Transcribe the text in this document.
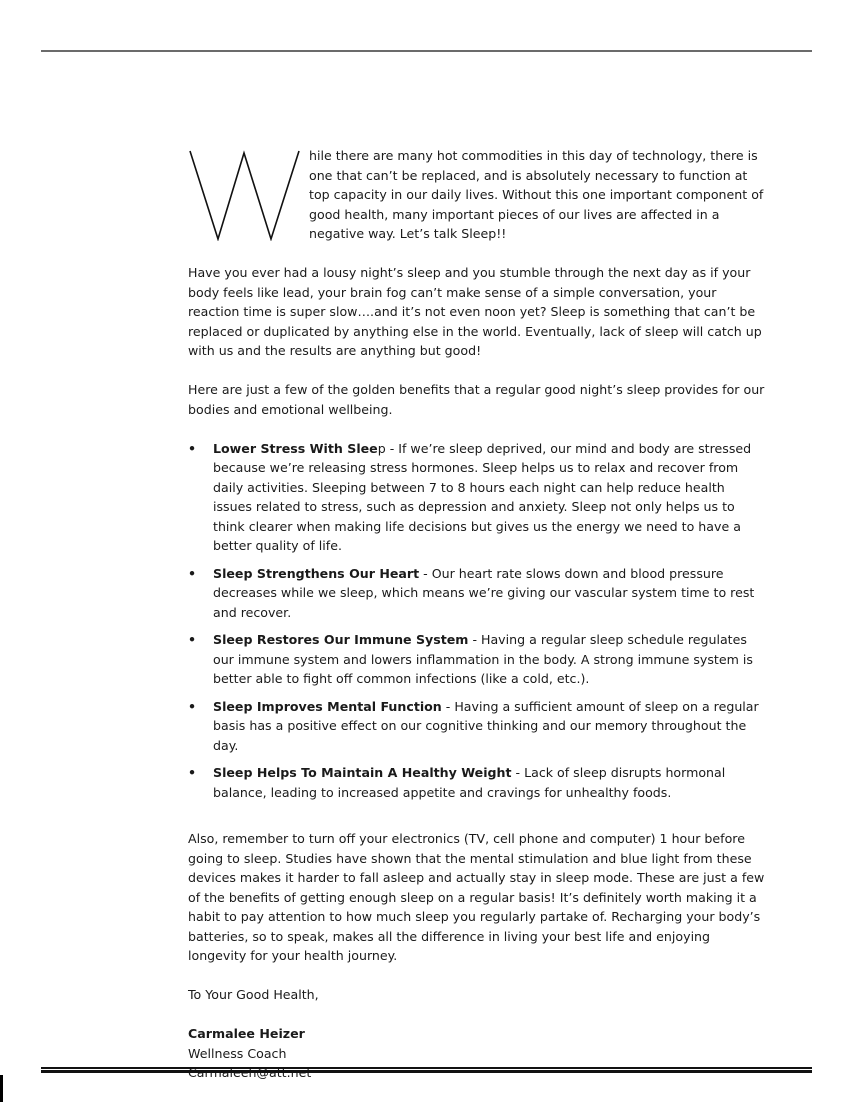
hile there are many hot commodities in this day of technology, there is one that can’t be replaced, and is absolutely necessary to function at top capacity in our daily lives. Without this one important component of good health, many important pieces of our lives are affected in a negative way. Let’s talk Sleep!!

Have you ever had a lousy night’s sleep and you stumble through the next day as if your body feels like lead, your brain fog can’t make sense of a simple conversation, your reaction time is super slow….and it’s not even noon yet? Sleep is something that can’t be replaced or duplicated by anything else in the world. Eventually, lack of sleep will catch up with us and the results are anything but good!

Here are just a few of the golden benefits that a regular good night’s sleep provides for our bodies and emotional wellbeing.

• Lower Stress With Sleep - If we’re sleep deprived, our mind and body are stressed because we’re releasing stress hormones. Sleep helps us to relax and recover from daily activities. Sleeping between 7 to 8 hours each night can help reduce health issues related to stress, such as depression and anxiety. Sleep not only helps us to think clearer when making life decisions but gives us the energy we need to have a better quality of life.
• Sleep Strengthens Our Heart - Our heart rate slows down and blood pressure decreases while we sleep, which means we’re giving our vascular system time to rest and recover.
• Sleep Restores Our Immune System - Having a regular sleep schedule regulates our immune system and lowers inflammation in the body. A strong immune system is better able to fight off common infections (like a cold, etc.).
• Sleep Improves Mental Function - Having a sufficient amount of sleep on a regular basis has a positive effect on our cognitive thinking and our memory throughout the day.
• Sleep Helps To Maintain A Healthy Weight - Lack of sleep disrupts hormonal balance, leading to increased appetite and cravings for unhealthy foods.

Also, remember to turn off your electronics (TV, cell phone and computer) 1 hour before going to sleep. Studies have shown that the mental stimulation and blue light from these devices makes it harder to fall asleep and actually stay in sleep mode. These are just a few of the benefits of getting enough sleep on a regular basis! It’s definitely worth making it a habit to pay attention to how much sleep you regularly partake of. Recharging your body’s batteries, so to speak, makes all the difference in living your best life and enjoying longevity for your health journey.

To Your Good Health,

Carmalee Heizer

Wellness Coach

Carmaleeh@att.net
